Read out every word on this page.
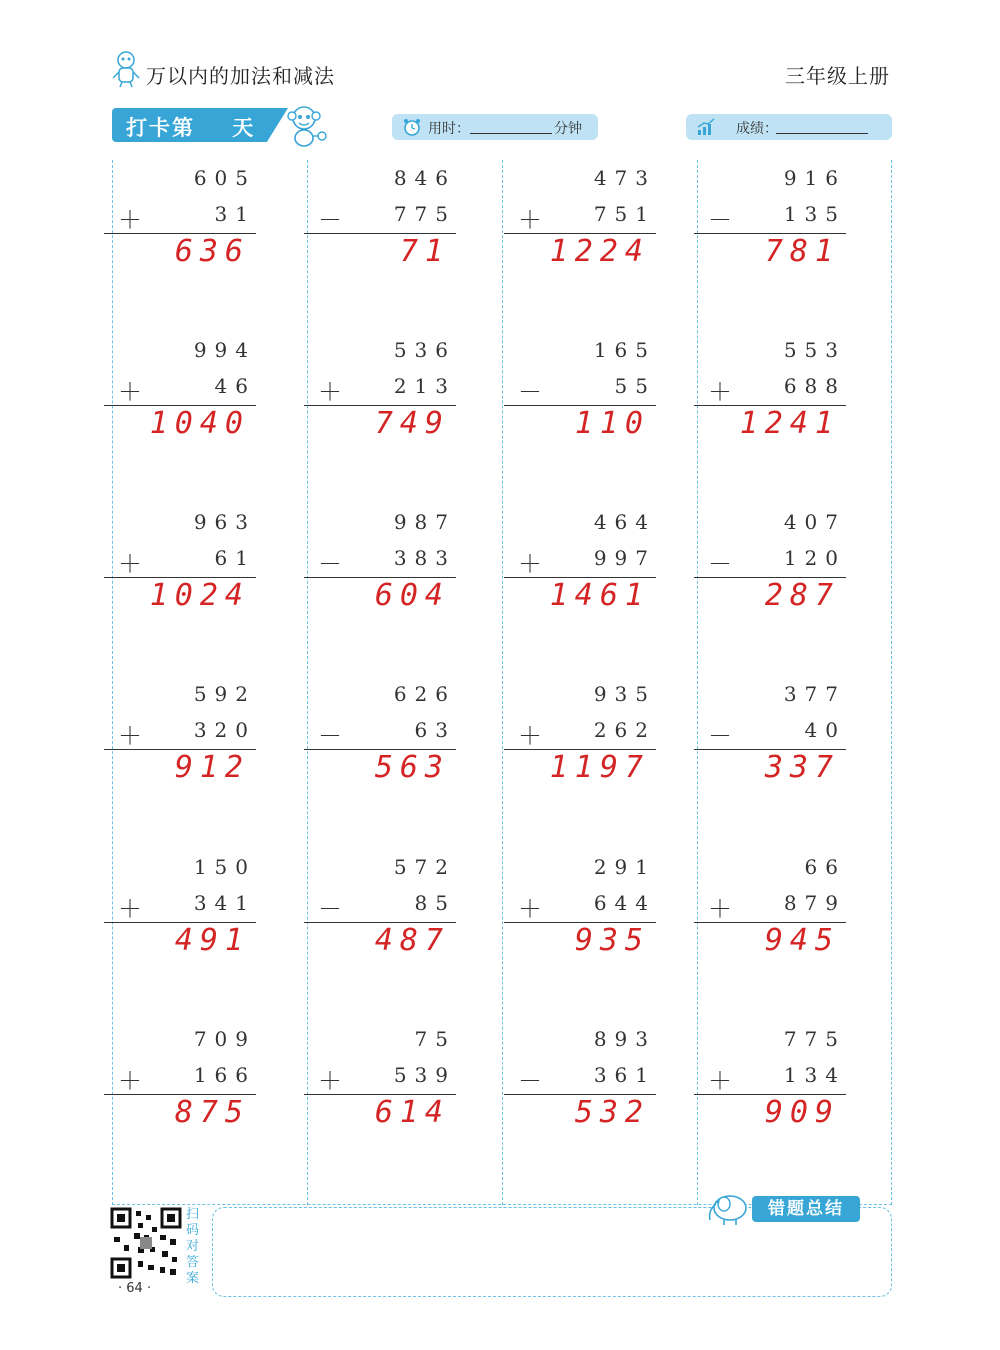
万以内的加法和减法	三年级上册
打卡第    天	用时：	分钟	成绩：
605
＋	31
636
846
－	775
71
473
＋	751
1224
916
－	135
781
994
＋	46
1040
536
＋	213
749
165
－	55
110
553
＋	688
1241
963
＋	61
1024
987
－	383
604
464
＋	997
1461
407
－	120
287
592
＋	320
912
626
－	63
563
935
＋	262
1197
377
－	40
337
150
＋	341
491
572
－	85
487
291
＋	644
935
66
＋	879
945
709
＋	166
875
75
＋	539
614
893
－	361
532
775
＋	134
909
扫码对答案
· 64 ·
错题总结
